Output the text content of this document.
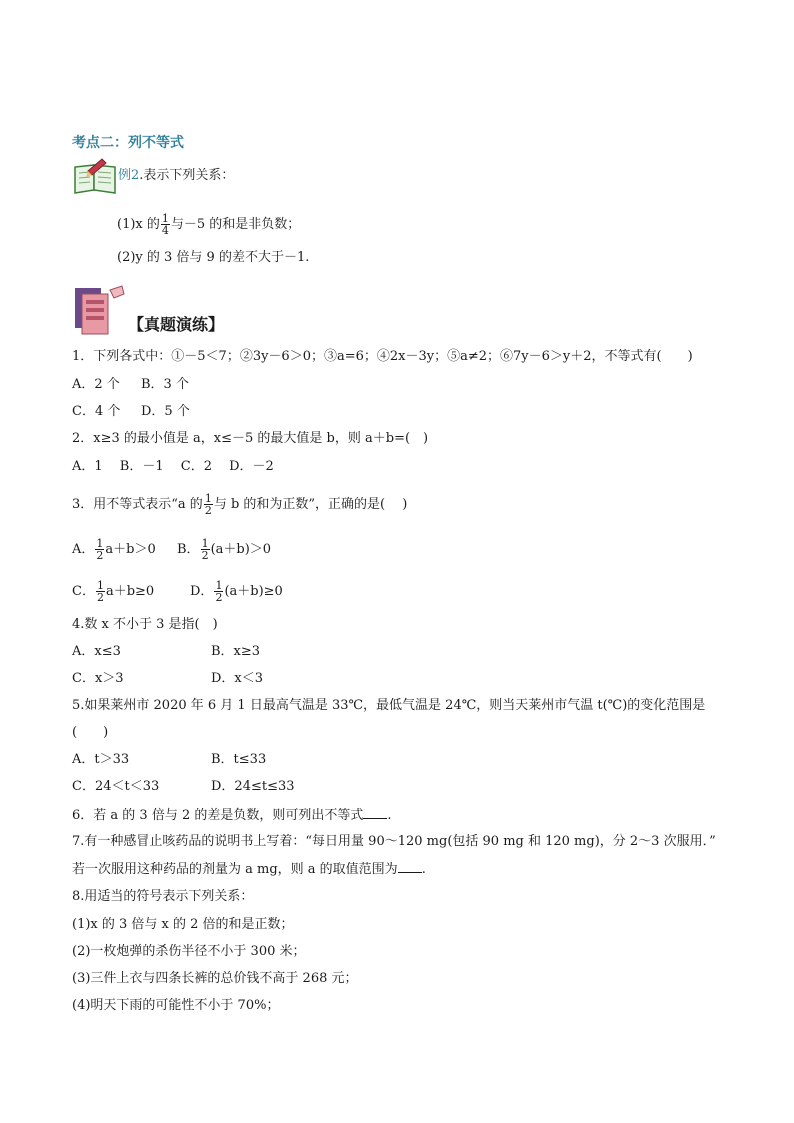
考点二：列不等式
例2.表示下列关系：
(1)x 的 $\frac{1}{4}$ 与－5 的和是非负数；
(2)y 的 3 倍与 9 的差不大于－1.
【真题演练】
1．下列各式中：①－5＜7；②3y－6＞0；③a=6；④2x－3y；⑤a≠2；⑥7y－6＞y＋2，不等式有(　　)
A．2 个 B．3 个
C．4 个 D．5 个
2．x≥3 的最小值是 a，x≤－5 的最大值是 b，则 a＋b=(　)
A．1　 B．－1　 C．2　 D．－2
3．用不等式表示“a 的 $\frac{1}{2}$ 与 b 的和为正数”，正确的是(　 )
A． $\frac{1}{2} a+b>0$ B． $\frac{1}{2} (a+b)>0$
C． $\frac{1}{2} a+b\ge 0$	D． $\frac{1}{2} (a+b)\ge 0$
4.数 x 不小于 3 是指(　)
A．x≤3	B．x≥3
C．x＞3	D．x＜3
5.如果莱州市 2020 年 6 月 1 日最高气温是 33℃，最低气温是 24℃，则当天莱州市气温 t(℃)的变化范围是
(　　)
A．t＞33	B．t≤33
C．24＜t＜33	D．24≤t≤33
6．若 a 的 3 倍与 2 的差是负数，则可列出不等式 .
7.有一种感冒止咳药品的说明书上写着：“每日用量 90～120 mg(包括 90 mg 和 120 mg)，分 2～3 次服用．”
若一次服用这种药品的剂量为 a mg，则 a 的取值范围为 .
8.用适当的符号表示下列关系：
(1)x 的 3 倍与 x 的 2 倍的和是正数；
(2)一枚炮弹的杀伤半径不小于 300 米；
(3)三件上衣与四条长裤的总价钱不高于 268 元；
(4)明天下雨的可能性不小于 70%；
